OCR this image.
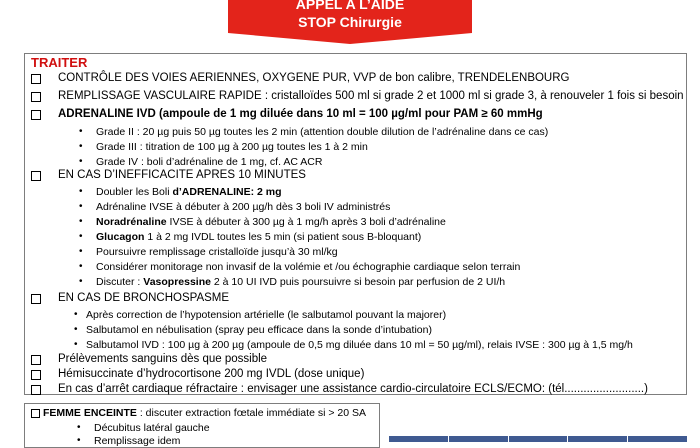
APPEL A L’AIDE
STOP Chirurgie
TRAITER
CONTRÔLE DES VOIES AERIENNES, OXYGENE PUR, VVP de bon calibre, TRENDELENBOURG
REMPLISSAGE VASCULAIRE RAPIDE : cristalloïdes 500 ml si grade 2 et 1000 ml si grade 3, à renouveler 1 fois si besoin
ADRENALINE IVD (ampoule de 1 mg diluée dans 10 ml = 100 µg/ml pour PAM ≥ 60 mmHg
• Grade II : 20 µg puis 50 µg toutes les 2 min (attention double dilution de l’adrénaline dans ce cas)
• Grade III : titration de 100 µg à 200 µg toutes les 1 à 2 min
• Grade IV : boli d’adrénaline de 1 mg, cf. AC ACR
EN CAS D’INEFFICACITE APRES 10 MINUTES
• Doubler les Boli d’ADRENALINE: 2 mg
• Adrénaline IVSE à débuter à 200 µg/h dès 3 boli IV administrés
• Noradrénaline IVSE à débuter à 300 µg à 1 mg/h après 3 boli d’adrénaline
• Glucagon 1 à 2 mg IVDL toutes les 5 min (si patient sous Β-bloquant)
• Poursuivre remplissage cristalloïde jusqu’à 30 ml/kg
• Considérer monitorage non invasif de la volémie et /ou échographie cardiaque selon terrain
• Discuter : Vasopressine 2 à 10 UI IVD puis poursuivre si besoin par perfusion de 2 UI/h
EN CAS DE BRONCHOSPASME
• Après correction de l’hypotension artérielle (le salbutamol pouvant la majorer)
• Salbutamol en nébulisation (spray peu efficace dans la sonde d’intubation)
• Salbutamol IVD : 100 µg à 200 µg (ampoule de 0,5 mg diluée dans 10 ml = 50 µg/ml), relais IVSE : 300 µg à 1,5 mg/h
Prélèvements sanguins dès que possible
Hémisuccinate d’hydrocortisone 200 mg IVDL (dose unique)
En cas d’arrêt cardiaque réfractaire : envisager une assistance cardio-circulatoire ECLS/ECMO: (tél.........................)
FEMME ENCEINTE : discuter extraction fœtale immédiate si > 20 SA
• Décubitus latéral gauche
• Remplissage idem
